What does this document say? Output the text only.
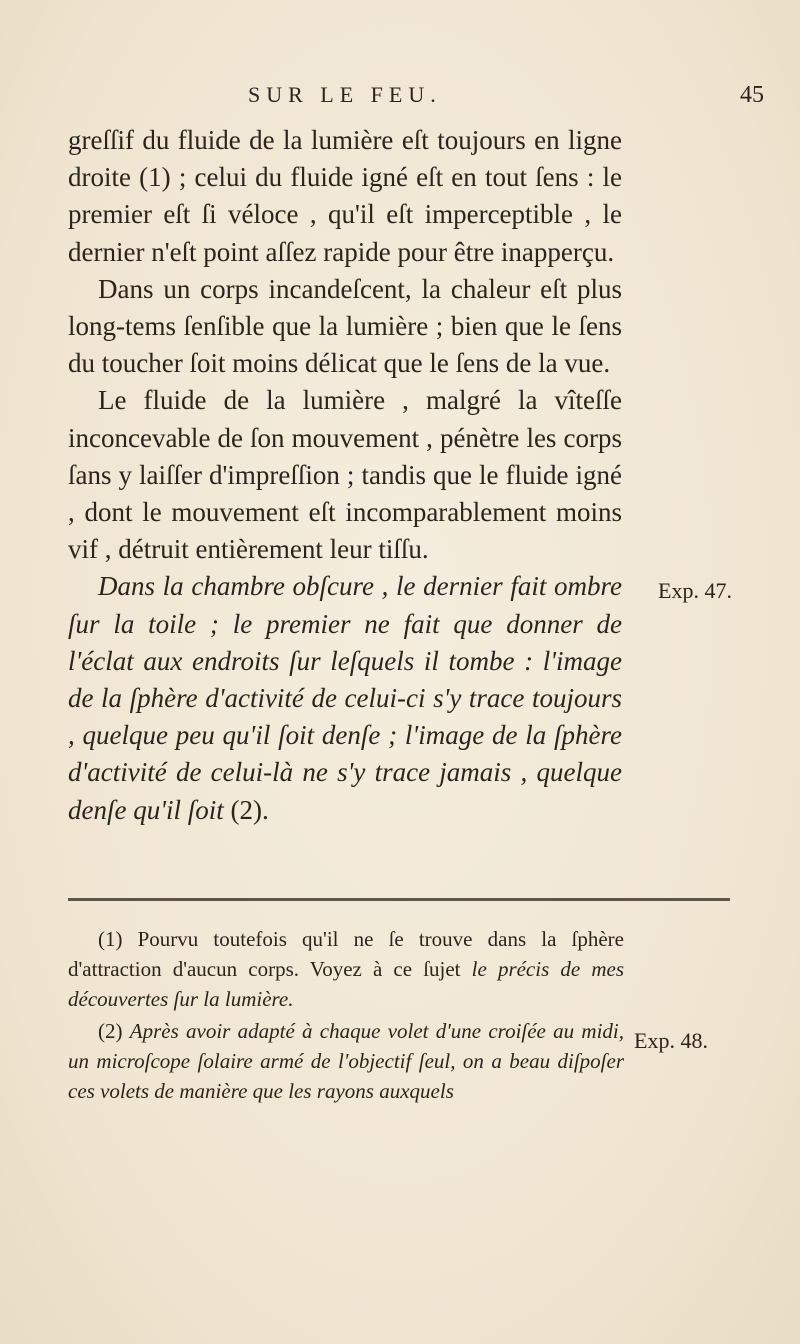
SUR LE FEU.	45

greſſif du fluide de la lumière eſt toujours en ligne droite (1) ; celui du fluide igné eſt en tout ſens : le premier eſt ſi véloce , qu'il eſt imperceptible , le dernier n'eſt point aſſez rapide pour être inapperçu.

Dans un corps incandeſcent, la chaleur eſt plus long-tems ſenſible que la lumière ; bien que le ſens du toucher ſoit moins délicat que le ſens de la vue.

Le fluide de la lumière , malgré la vîteſſe inconcevable de ſon mouvement , pénètre les corps ſans y laiſſer d'impreſſion ; tandis que le fluide igné , dont le mouvement eſt incomparablement moins vif , détruit entièrement leur tiſſu.

Dans la chambre obſcure , le dernier fait ombre ſur la toile ; le premier ne fait que donner de l'éclat aux endroits ſur leſquels il tombe : l'image de la ſphère d'activité de celui-ci s'y trace toujours , quelque peu qu'il ſoit denſe ; l'image de la ſphère d'activité de celui-là ne s'y trace jamais , quelque denſe qu'il ſoit (2).
Exp. 47.

(1) Pourvu toutefois qu'il ne ſe trouve dans la ſphère d'attraction d'aucun corps. Voyez à ce ſujet le précis de mes découvertes ſur la lumière.

(2) Après avoir adapté à chaque volet d'une croiſée au midi, un microſcope ſolaire armé de l'objectif ſeul, on a beau diſpoſer ces volets de manière que les rayons auxquels

Exp. 48.
